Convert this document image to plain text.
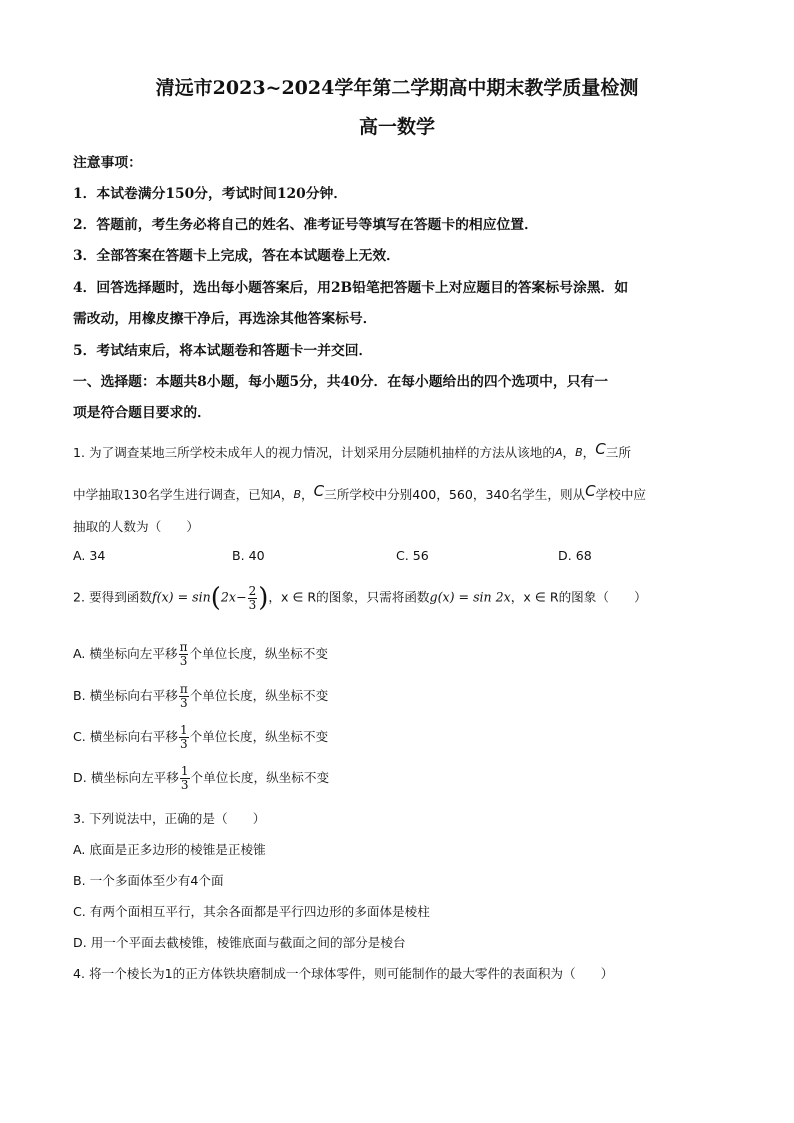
清远市2023~2024学年第二学期高中期末教学质量检测
高一数学
注意事项：
1．本试卷满分150分，考试时间120分钟．
2．答题前，考生务必将自己的姓名、准考证号等填写在答题卡的相应位置．
3．全部答案在答题卡上完成，答在本试题卷上无效．
4．回答选择题时，选出每小题答案后，用2B铅笔把答题卡上对应题目的答案标号涂黑．如
需改动，用橡皮擦干净后，再选涂其他答案标号．
5．考试结束后，将本试题卷和答题卡一并交回．
一、选择题：本题共8小题，每小题5分，共40分．在每小题给出的四个选项中，只有一
项是符合题目要求的．
1. 为了调查某地三所学校未成年人的视力情况，计划采用分层随机抽样的方法从该地的A，B，C三所
中学抽取130名学生进行调查，已知A，B，C三所学校中分别400，560，340名学生，则从C学校中应
抽取的人数为（　　）
A. 34	B. 40	C. 56	D. 68
2. 要得到函数$f(x) = \sin(2x- \frac{2}{3}$ )，x ∈ R的图象，只需将函数g(x) = sin 2x，x ∈ R的图象（　　）
A. 横坐标向左平移 $\frac{\pi}{3}$ 个单位长度，纵坐标不变
B. 横坐标向右平移 $\frac{\pi}{3}$ 个单位长度，纵坐标不变
C. 横坐标向右平移 $\frac{1}{3}$ 个单位长度，纵坐标不变
D. 横坐标向左平移 $\frac{1}{3}$ 个单位长度，纵坐标不变
3. 下列说法中，正确的是（　　）
A. 底面是正多边形的棱锥是正棱锥
B. 一个多面体至少有4个面
C. 有两个面相互平行，其余各面都是平行四边形的多面体是棱柱
D. 用一个平面去截棱锥，棱锥底面与截面之间的部分是棱台
4. 将一个棱长为1的正方体铁块磨制成一个球体零件，则可能制作的最大零件的表面积为（　　）
